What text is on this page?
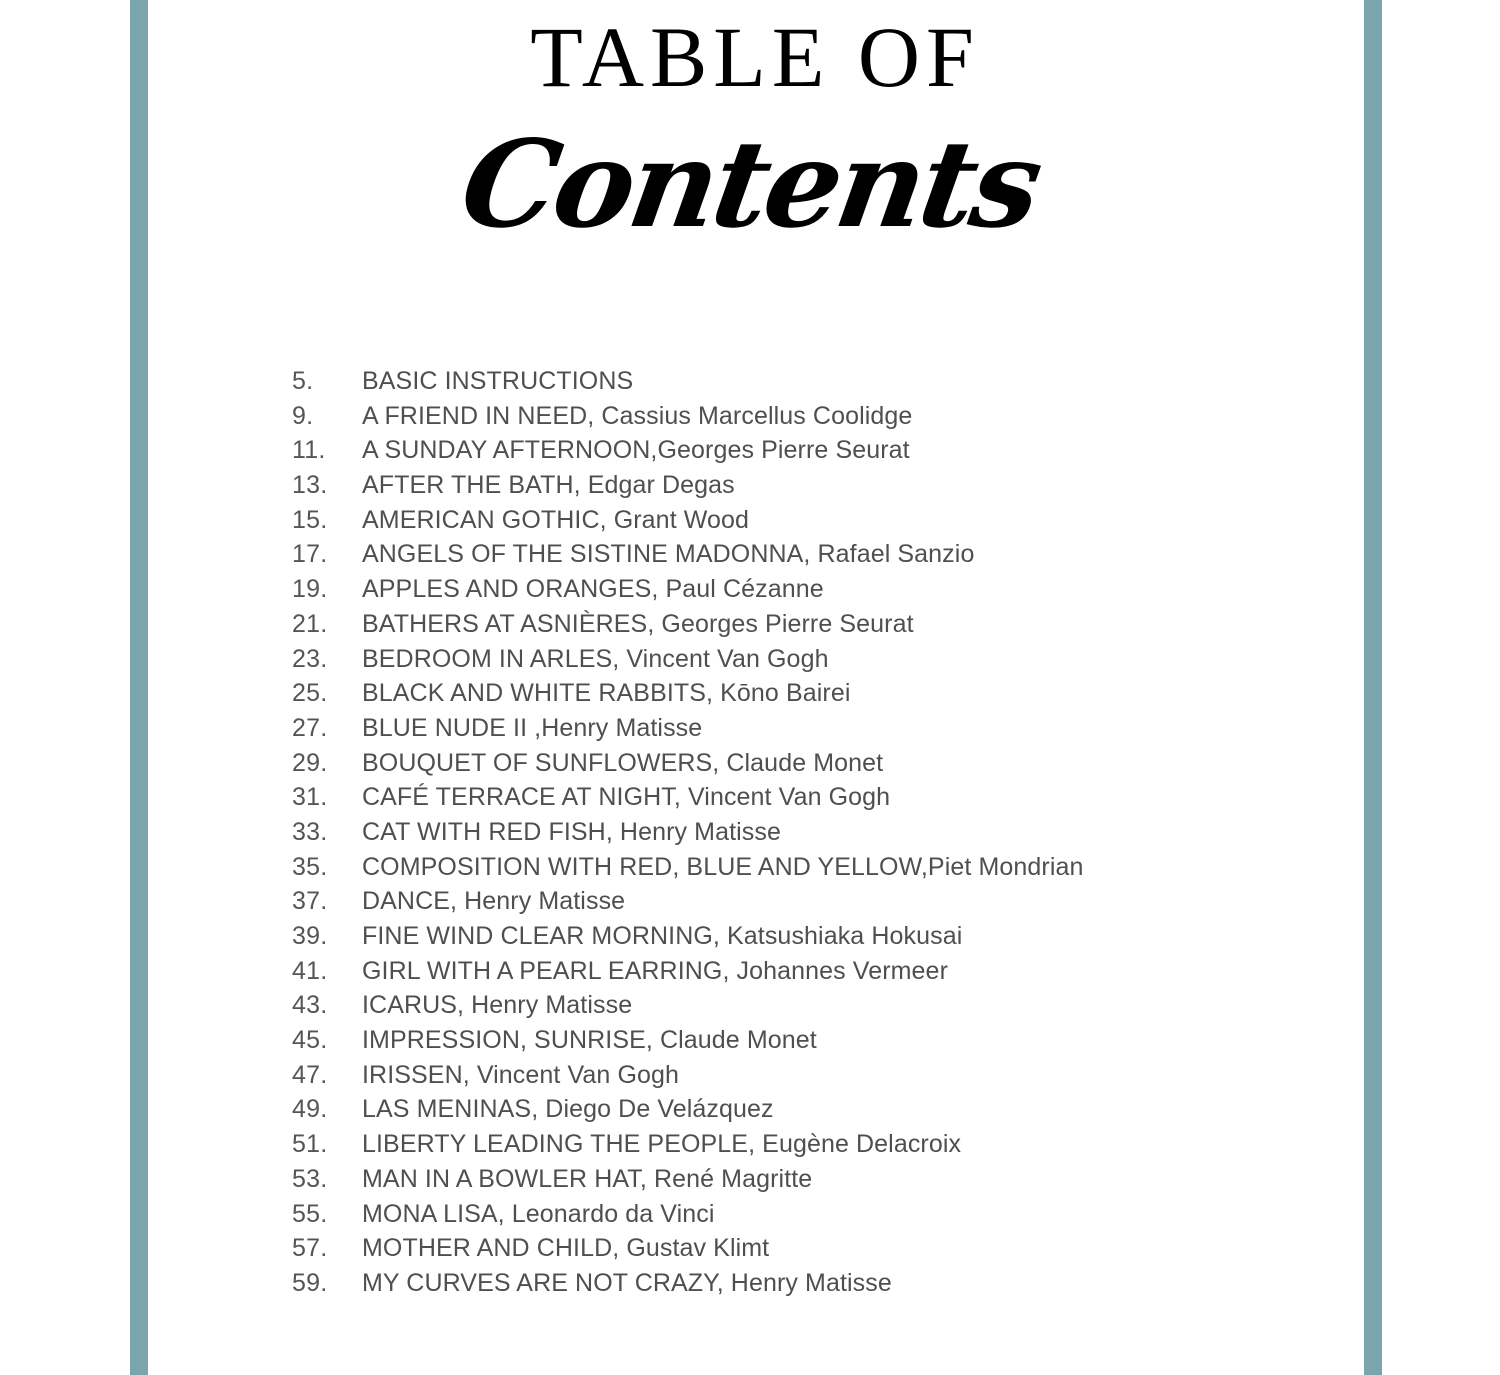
TABLE OF
Contents
5.	BASIC INSTRUCTIONS
9.	A FRIEND IN NEED, Cassius Marcellus Coolidge
11.	A SUNDAY AFTERNOON,Georges Pierre Seurat
13.	AFTER THE BATH, Edgar Degas
15.	AMERICAN GOTHIC, Grant Wood
17.	ANGELS OF THE SISTINE MADONNA, Rafael Sanzio
19.	APPLES AND ORANGES, Paul Cézanne
21.	BATHERS AT ASNIÈRES, Georges Pierre Seurat
23.	BEDROOM IN ARLES, Vincent Van Gogh
25.	BLACK AND WHITE RABBITS, Kōno Bairei
27.	BLUE NUDE II ,Henry Matisse
29.	BOUQUET OF SUNFLOWERS, Claude Monet
31.	CAFÉ TERRACE AT NIGHT, Vincent Van Gogh
33.	CAT WITH RED FISH, Henry Matisse
35.	COMPOSITION WITH RED, BLUE AND YELLOW,Piet Mondrian
37.	DANCE, Henry Matisse
39.	FINE WIND CLEAR MORNING, Katsushiaka Hokusai
41.	GIRL WITH A PEARL EARRING, Johannes Vermeer
43.	ICARUS, Henry Matisse
45.	IMPRESSION, SUNRISE, Claude Monet
47.	IRISSEN, Vincent Van Gogh
49.	LAS MENINAS, Diego De Velázquez
51.	LIBERTY LEADING THE PEOPLE, Eugène Delacroix
53.	MAN IN A BOWLER HAT, René Magritte
55.	MONA LISA, Leonardo da Vinci
57.	MOTHER AND CHILD, Gustav Klimt
59.	MY CURVES ARE NOT CRAZY, Henry Matisse
